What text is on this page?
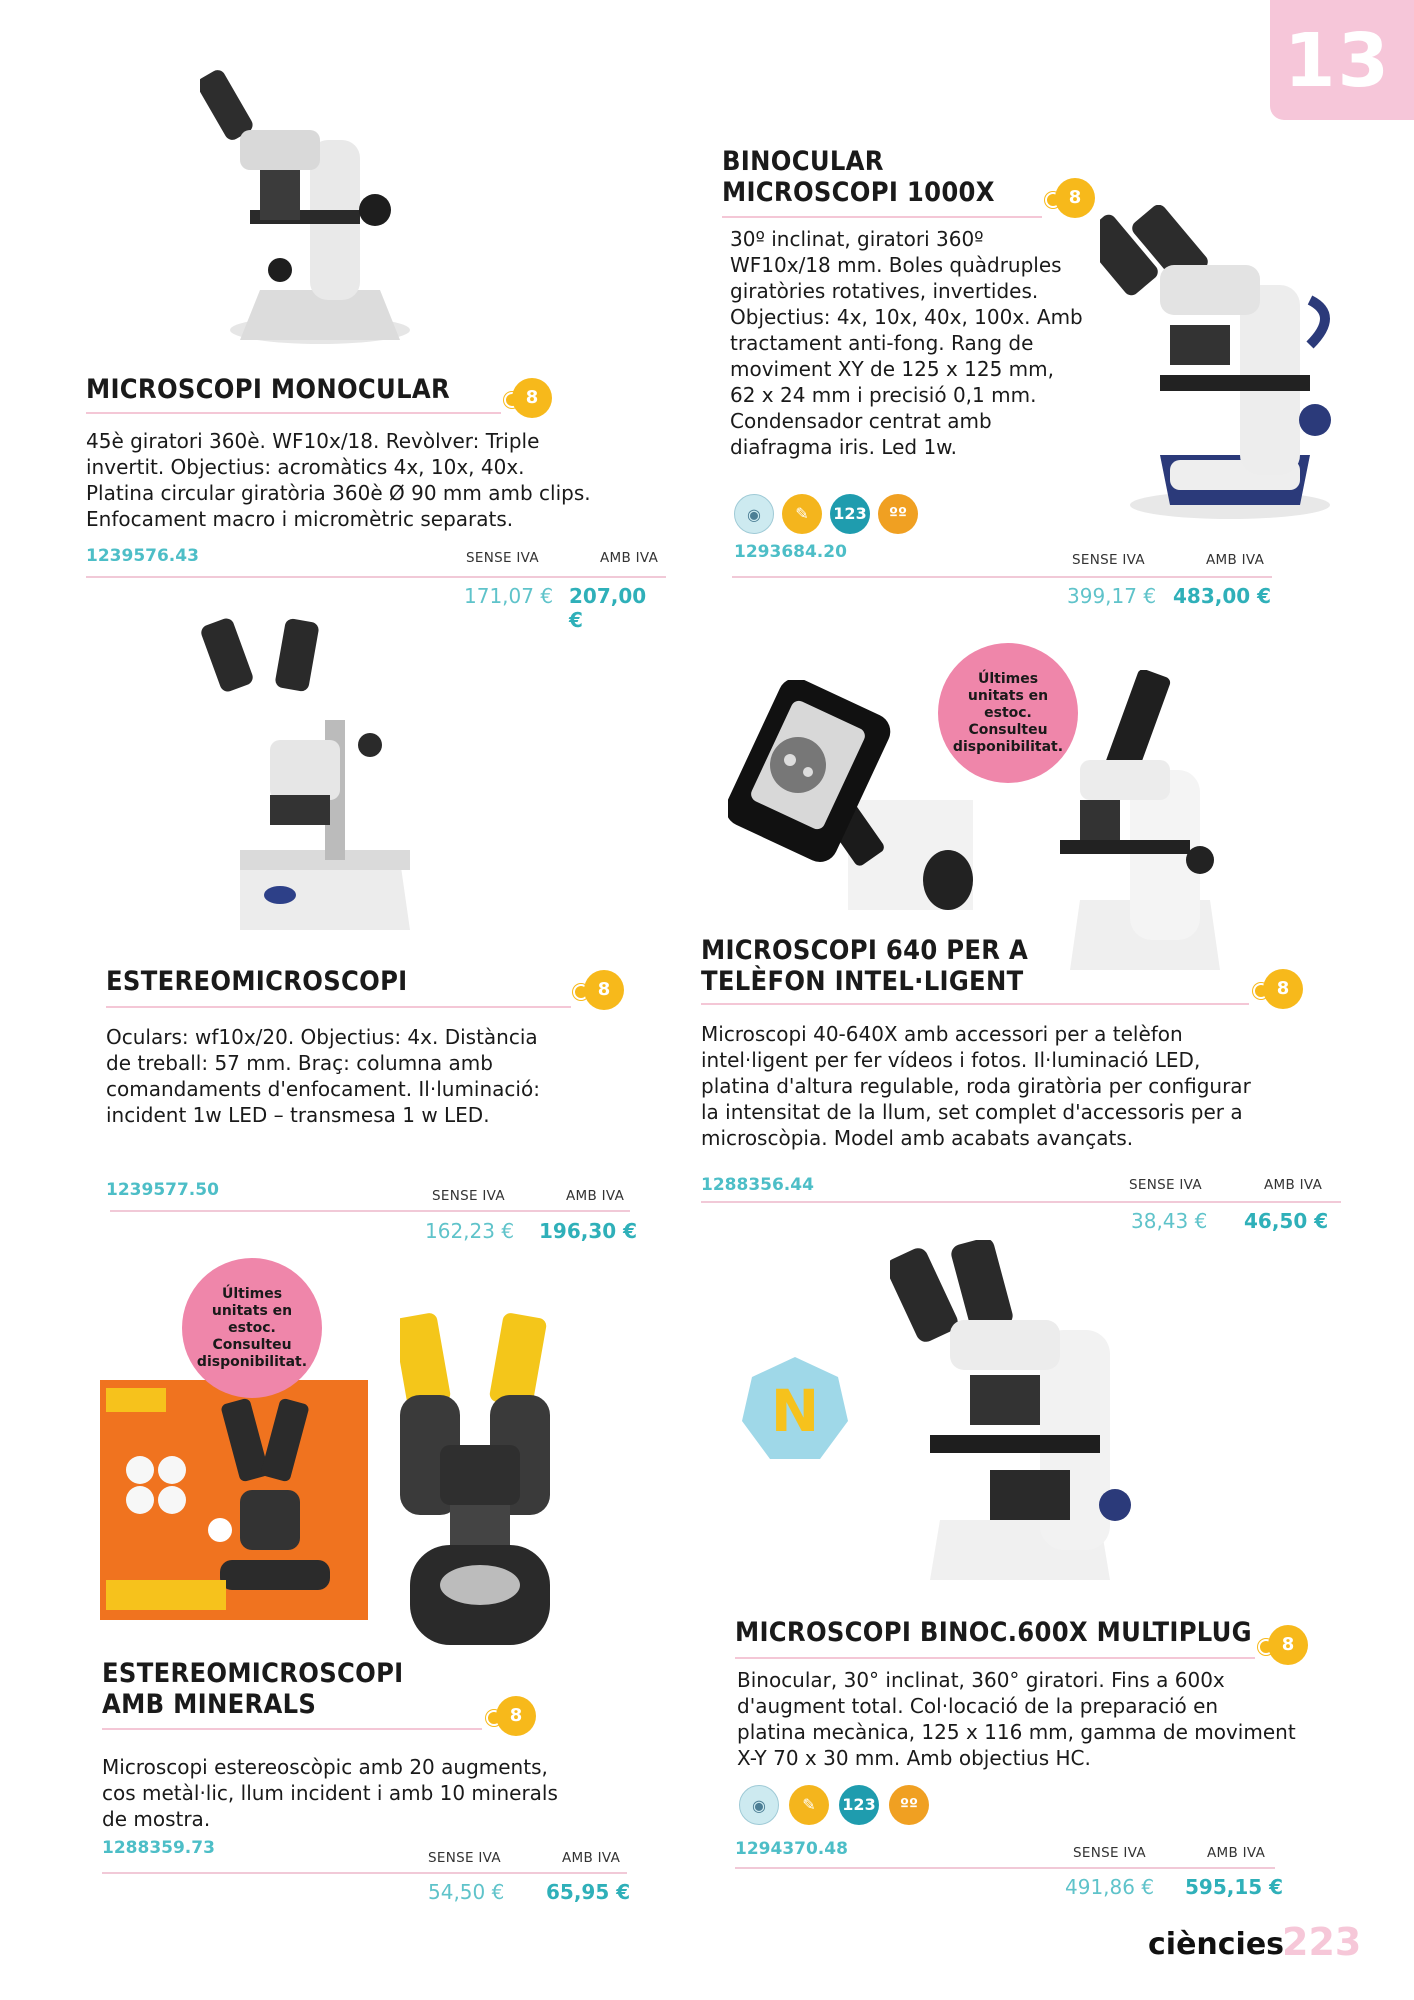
13
MICROSCOPI MONOCULAR	8
45è giratori 360è. WF10x/18. Revòlver: Triple
invertit. Objectius: acromàtics 4x, 10x, 40x.
Platina circular giratòria 360è Ø 90 mm amb clips.
Enfocament macro i micromètric separats.
1239576.43	SENSE IVA	AMB IVA
171,07 € 207,00 €
BINOCULAR
MICROSCOPI 1000X	8
30º inclinat, giratori 360º
WF10x/18 mm. Boles quàdruples
giratòries rotatives, invertides.
Objectius: 4x, 10x, 40x, 100x. Amb
tractament anti-fong. Rang de
moviment XY de 125 x 125 mm,
62 x 24 mm i precisió 0,1 mm.
Condensador centrat amb
diafragma iris. Led 1w.
◉	✎	123	ºº
1293684.20	SENSE IVA	AMB IVA
399,17 € 483,00 €
ESTEREOMICROSCOPI	8
Oculars: wf10x/20. Objectius: 4x. Distància
de treball: 57 mm. Braç: columna amb
comandaments d'enfocament. Il·luminació:
incident 1w LED – transmesa 1 w LED.
1239577.50	SENSE IVA	AMB IVA
162,23 € 196,30 €
Últimes unitats en estoc. Consulteu disponibilitat.
MICROSCOPI 640 PER A
TELÈFON INTEL·LIGENT	8
Microscopi 40-640X amb accessori per a telèfon
intel·ligent per fer vídeos i fotos. Il·luminació LED,
platina d'altura regulable, roda giratòria per configurar
la intensitat de la llum, set complet d'accessoris per a
microscòpia. Model amb acabats avançats.
1288356.44	SENSE IVA	AMB IVA
38,43 € 46,50 €
Últimes unitats en estoc. Consulteu disponibilitat.
ESTEREOMICROSCOPI
AMB MINERALS	8
Microscopi estereoscòpic amb 20 augments,
cos metàl·lic, llum incident i amb 10 minerals
de mostra.
1288359.73	SENSE IVA	AMB IVA
54,50 € 65,95 €
N
MICROSCOPI BINOC.600X MULTIPLUG	8
Binocular, 30° inclinat, 360° giratori. Fins a 600x
d'augment total. Col·locació de la preparació en
platina mecànica, 125 x 116 mm, gamma de moviment
X-Y 70 x 30 mm. Amb objectius HC.
◉	✎	123	ºº
1294370.48	SENSE IVA	AMB IVA
491,86 € 595,15 €
ciències
223
